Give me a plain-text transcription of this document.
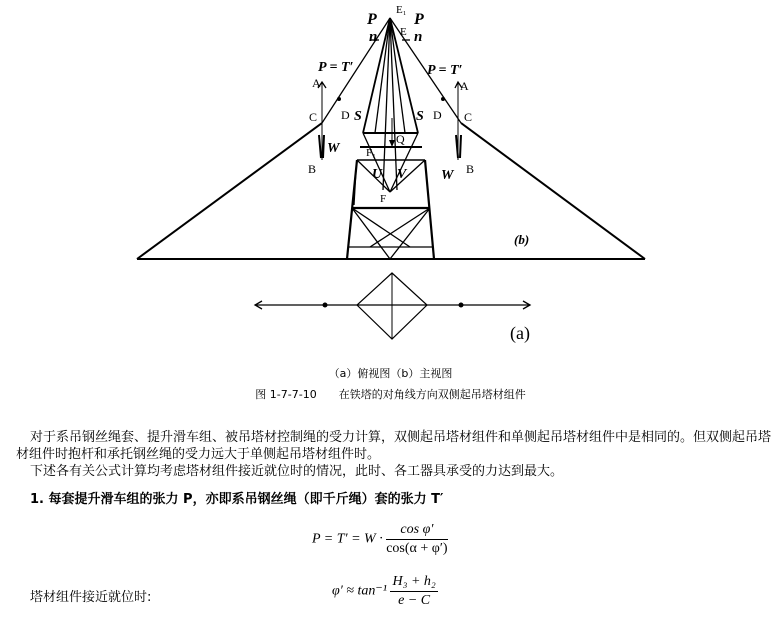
E₁
E
P
n
P
n
P = T′	P = T′
A	A
C	C
D	D
B	B
W
W
S	S
Q
F₁
U V
F
(b)
(a)
（a）俯视图（b）主视图
图 1-7-7-10　　在铁塔的对角线方向双侧起吊塔材组件
对于系吊钢丝绳套、提升滑车组、被吊塔材控制绳的受力计算，双侧起吊塔材组件和单侧起吊塔材组件中是相同的。但双侧起吊塔材组件时抱杆和承托钢丝绳的受力远大于单侧起吊塔材组件时。
下述各有关公式计算均考虑塔材组件接近就位时的情况，此时、各工器具承受的力达到最大。
1. 每套提升滑车组的张力 P，亦即系吊钢丝绳（即千斤绳）套的张力 T′
$P = T' = W \cdot \frac{\text{cos φ′}}{\cos(\alpha + \varphi')}$
塔材组件接近就位时:	$\varphi' \approx \tan^{-1} \frac{\text{H₃ + h₂}}{e - C}$
